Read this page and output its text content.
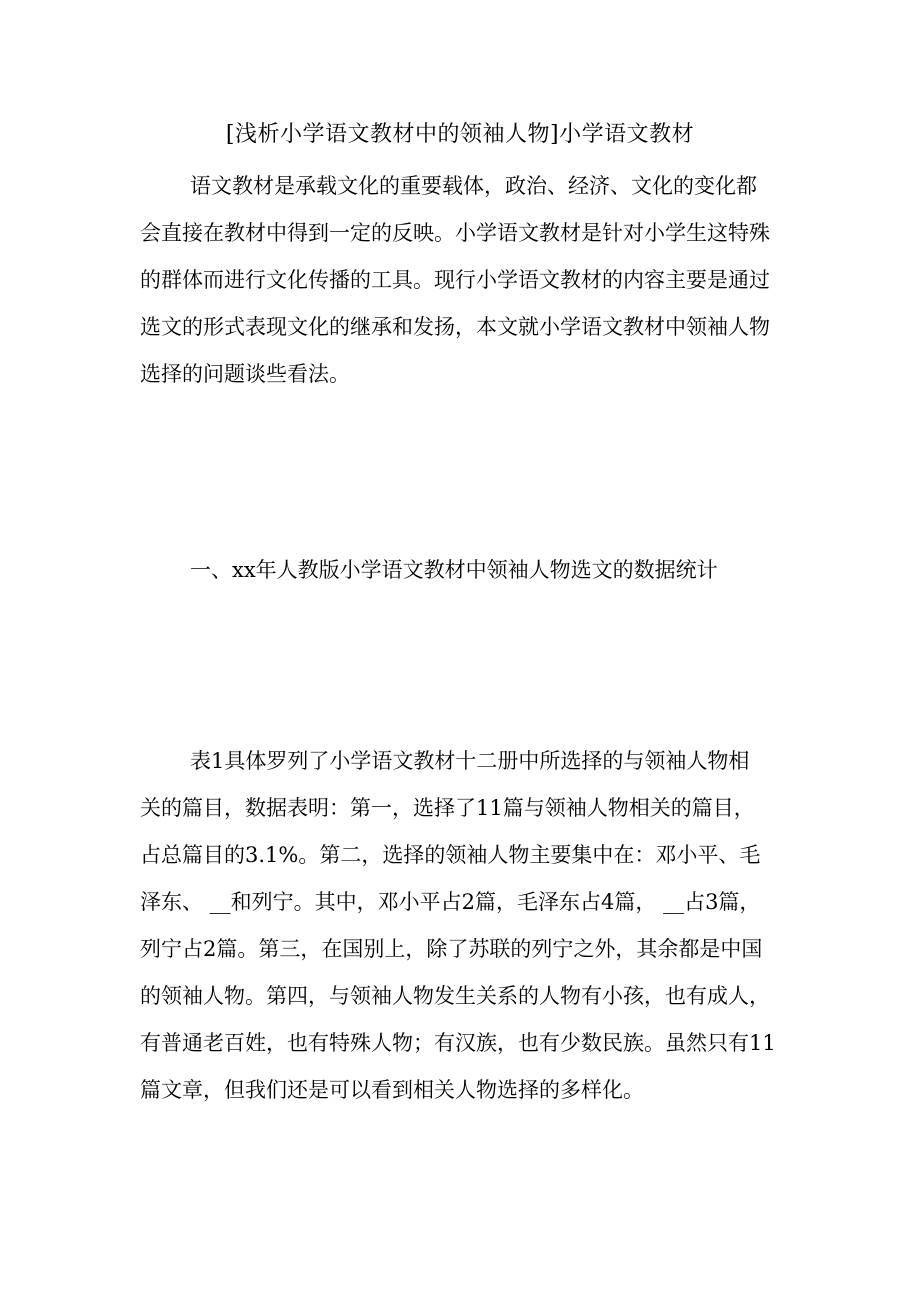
[浅析小学语文教材中的领袖人物]小学语文教材
语文教材是承载文化的重要载体，政治、经济、文化的变化都
会直接在教材中得到一定的反映。小学语文教材是针对小学生这特殊
的群体而进行文化传播的工具。现行小学语文教材的内容主要是通过
选文的形式表现文化的继承和发扬，本文就小学语文教材中领袖人物
选择的问题谈些看法。
一、xx年人教版小学语文教材中领袖人物选文的数据统计
表1具体罗列了小学语文教材十二册中所选择的与领袖人物相
关的篇目，数据表明：第一，选择了11篇与领袖人物相关的篇目，
占总篇目的3.1%。第二，选择的领袖人物主要集中在：邓小平、毛
泽东、 __和列宁。其中，邓小平占2篇，毛泽东占4篇， __占3篇，
列宁占2篇。第三，在国别上，除了苏联的列宁之外，其余都是中国
的领袖人物。第四，与领袖人物发生关系的人物有小孩，也有成人，
有普通老百姓，也有特殊人物；有汉族，也有少数民族。虽然只有11
篇文章，但我们还是可以看到相关人物选择的多样化。
